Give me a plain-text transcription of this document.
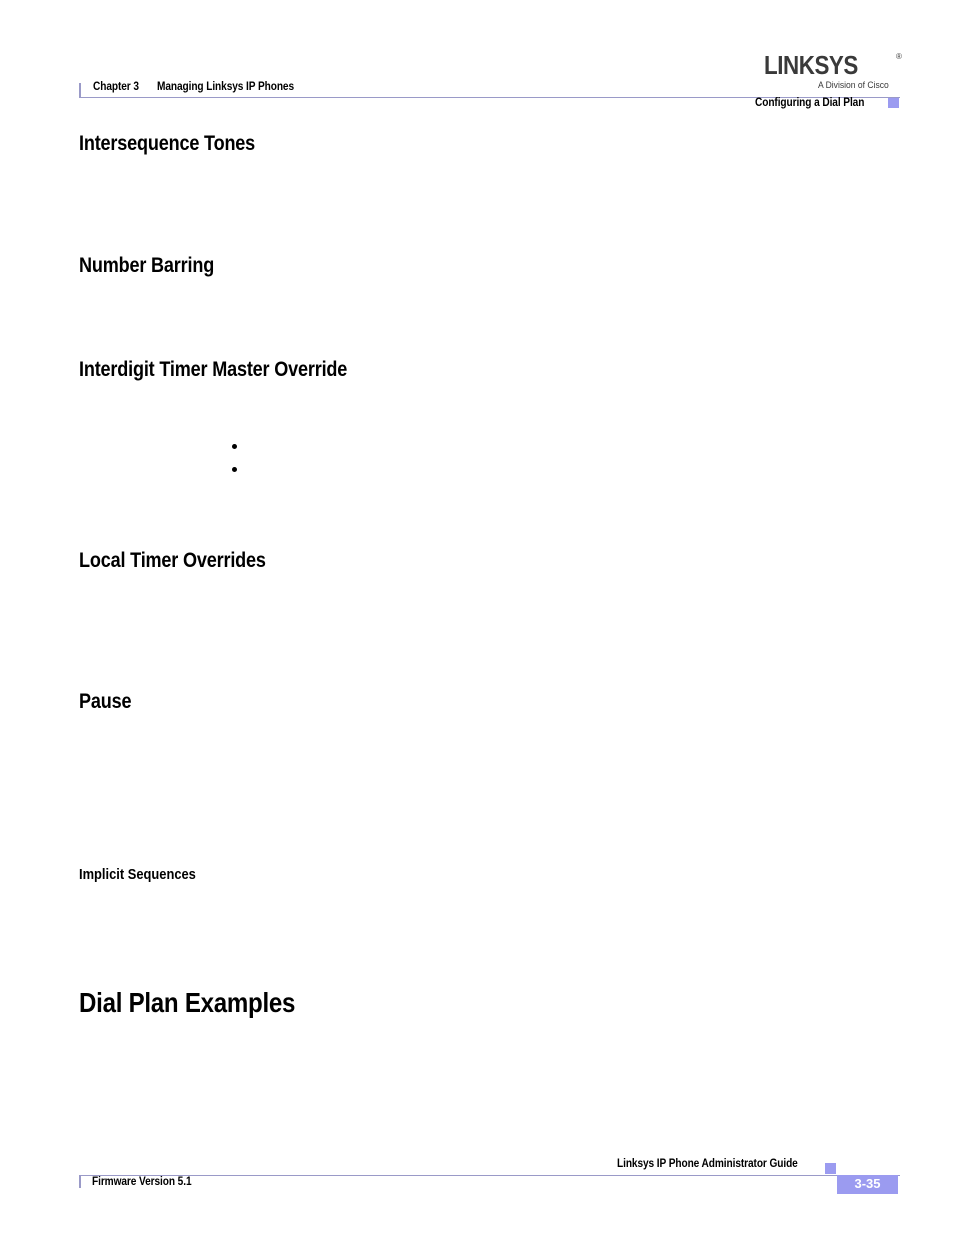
Chapter 3 Managing Linksys IP Phones
Configuring a Dial Plan
LINKSYS	®
A Division of Cisco
Intersequence Tones
Number Barring
Interdigit Timer Master Override
Local Timer Overrides
Pause
Implicit Sequences
Dial Plan Examples
Linksys IP Phone Administrator Guide
Firmware Version 5.1	3-35
